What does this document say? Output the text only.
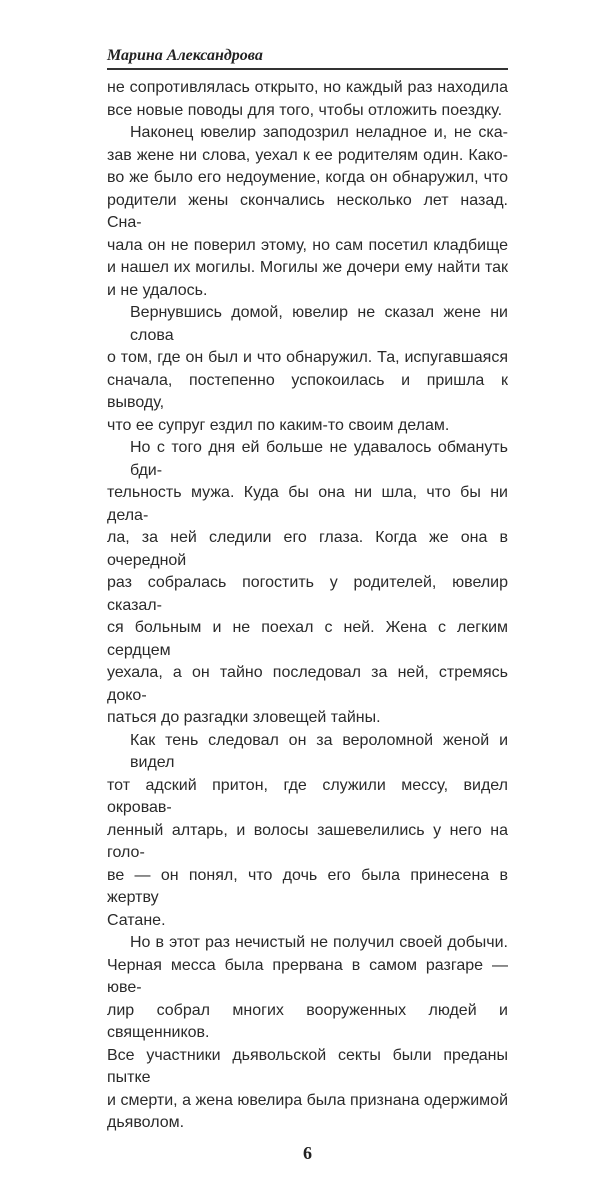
Марина Александрова
не сопротивлялась открыто, но каждый раз находила
все новые поводы для того, чтобы отложить поездку.
Наконец ювелир заподозрил неладное и, не ска-
зав жене ни слова, уехал к ее родителям один. Како-
во же было его недоумение, когда он обнаружил, что
родители жены скончались несколько лет назад. Сна-
чала он не поверил этому, но сам посетил кладбище
и нашел их могилы. Могилы же дочери ему найти так
и не удалось.
Вернувшись домой, ювелир не сказал жене ни слова
о том, где он был и что обнаружил. Та, испугавшаяся
сначала, постепенно успокоилась и пришла к выводу,
что ее супруг ездил по каким-то своим делам.
Но с того дня ей больше не удавалось обмануть бди-
тельность мужа. Куда бы она ни шла, что бы ни дела-
ла, за ней следили его глаза. Когда же она в очередной
раз собралась погостить у родителей, ювелир сказал-
ся больным и не поехал с ней. Жена с легким сердцем
уехала, а он тайно последовал за ней, стремясь доко-
паться до разгадки зловещей тайны.
Как тень следовал он за вероломной женой и видел
тот адский притон, где служили мессу, видел окровав-
ленный алтарь, и волосы зашевелились у него на голо-
ве — он понял, что дочь его была принесена в жертву
Сатане.
Но в этот раз нечистый не получил своей добычи.
Черная месса была прервана в самом разгаре — юве-
лир собрал многих вооруженных людей и священников.
Все участники дьявольской секты были преданы пытке
и смерти, а жена ювелира была признана одержимой
дьяволом.
6
